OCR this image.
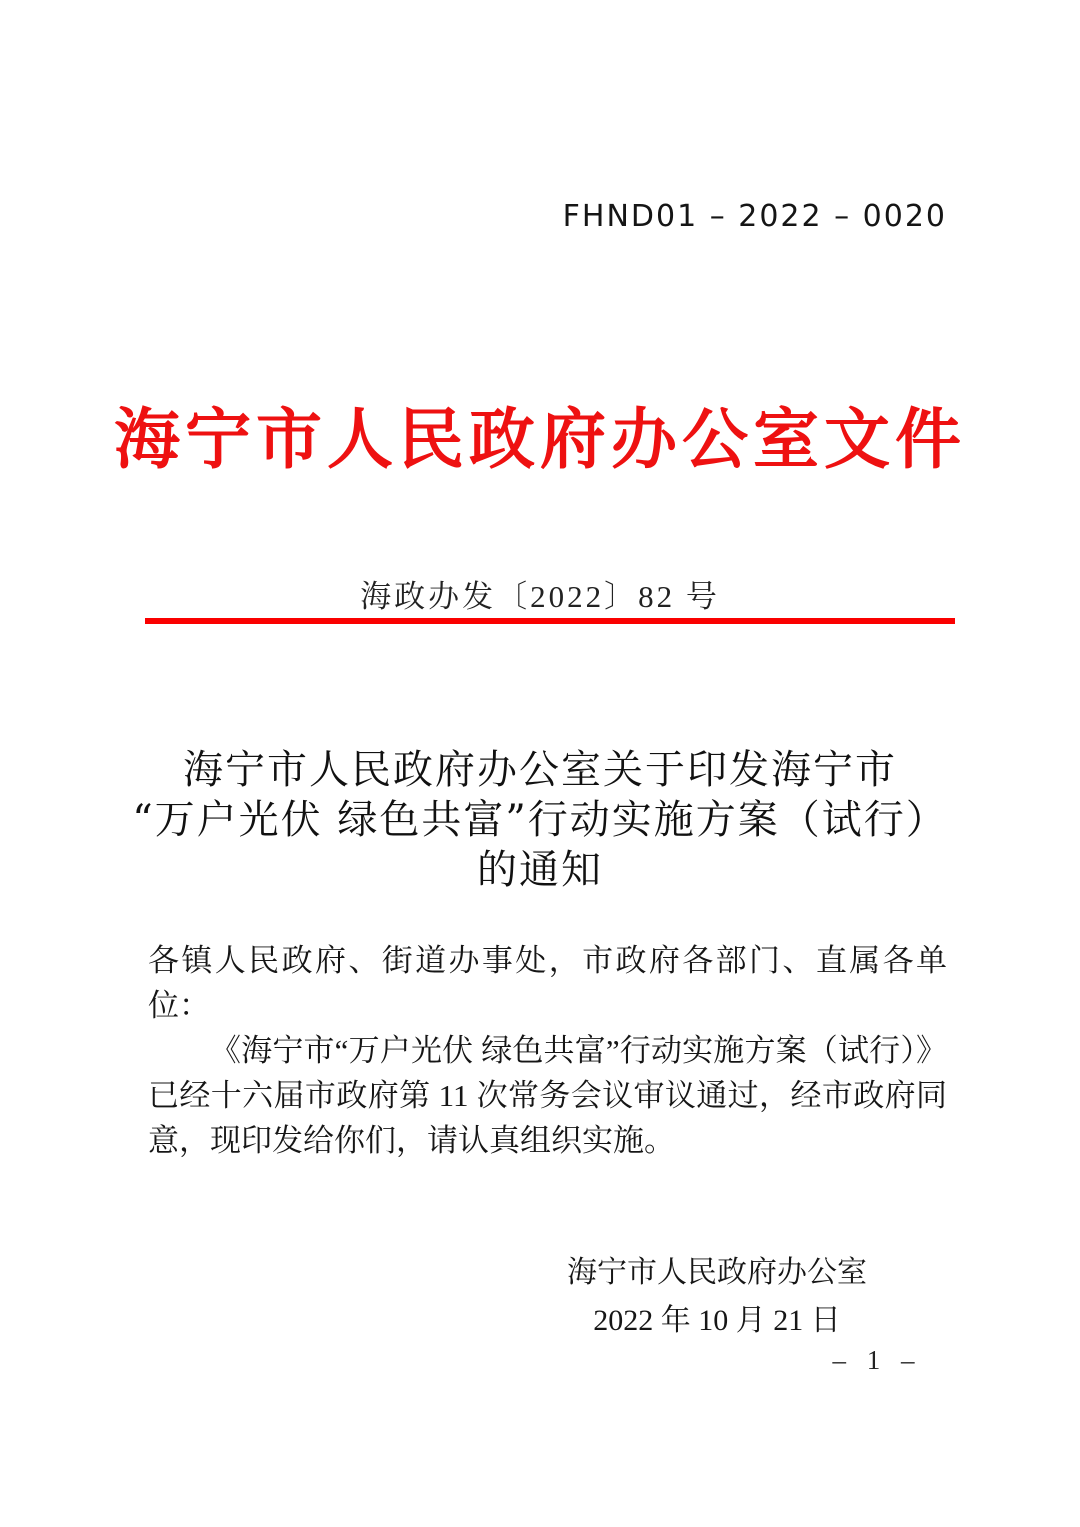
FHND01 – 2022 – 0020
海宁市人民政府办公室文件
海政办发〔2022〕82 号
海宁市人民政府办公室关于印发海宁市
“万户光伏 绿色共富”行动实施方案（试行）
的通知

各镇人民政府、街道办事处，市政府各部门、直属各单位：

《海宁市“万户光伏 绿色共富”行动实施方案（试行）》已经十六届市政府第 11 次常务会议审议通过，经市政府同意，现印发给你们，请认真组织实施。

海宁市人民政府办公室
2022 年 10 月 21 日
– 1 –
